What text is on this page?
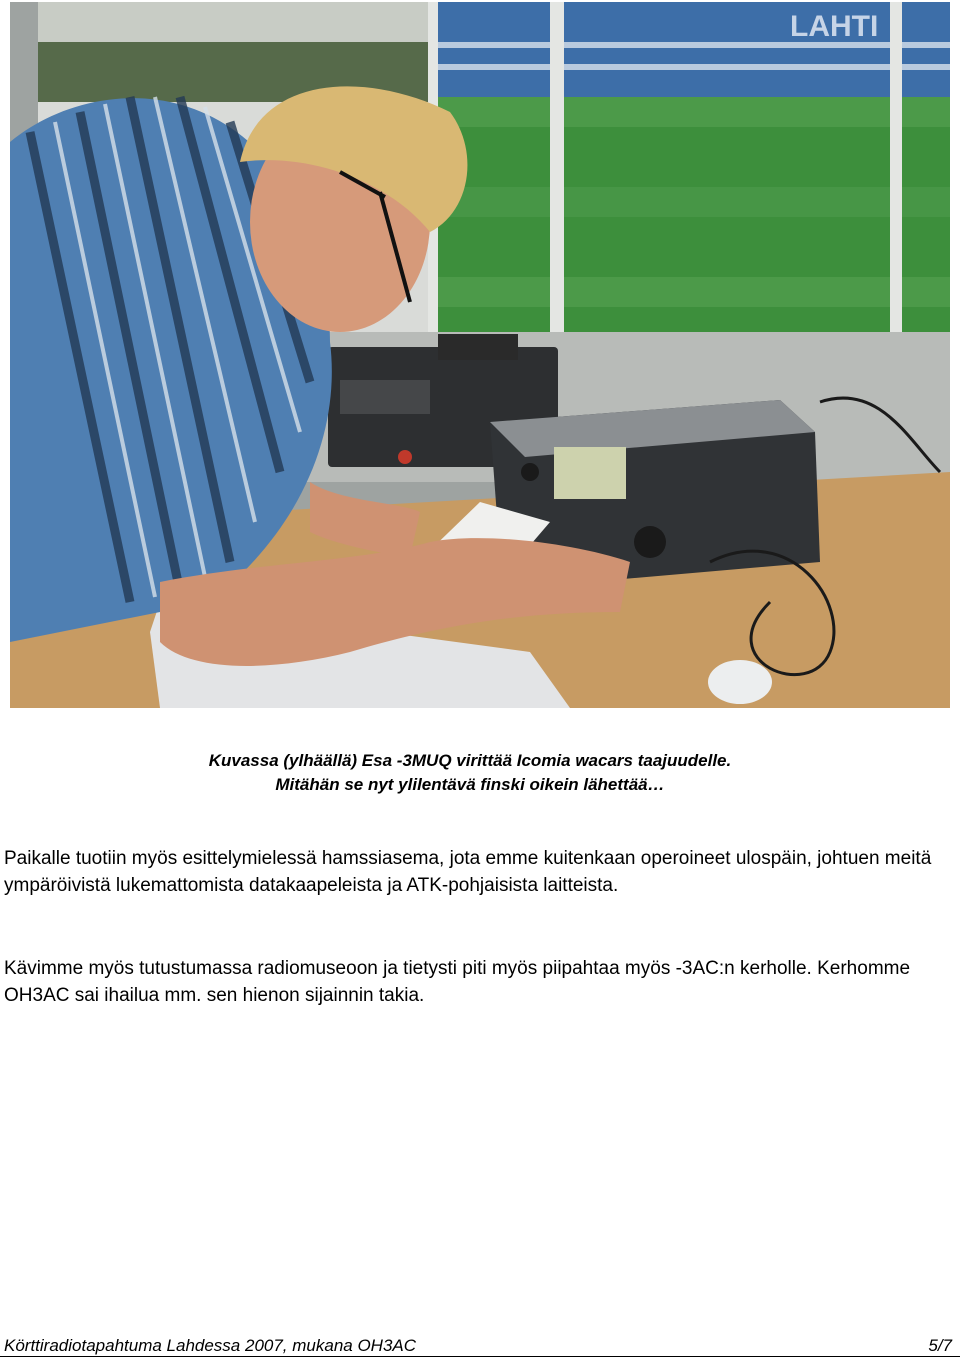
LAHTI
Kuvassa (ylhäällä) Esa -3MUQ virittää Icomia wacars taajuudelle.
Mitähän se nyt ylilentävä finski oikein lähettää…

Paikalle tuotiin myös esittelymielessä hamssiasema, jota emme kuitenkaan operoineet ulospäin, johtuen meitä ympäröivistä lukemattomista datakaapeleista ja ATK-pohjaisista laitteista.

Kävimme myös tutustumassa radiomuseoon ja tietysti piti myös piipahtaa myös -3AC:n kerholle. Kerhomme OH3AC sai ihailua mm. sen hienon sijainnin takia.

Körttiradiotapahtuma Lahdessa 2007, mukana OH3AC	5/7
